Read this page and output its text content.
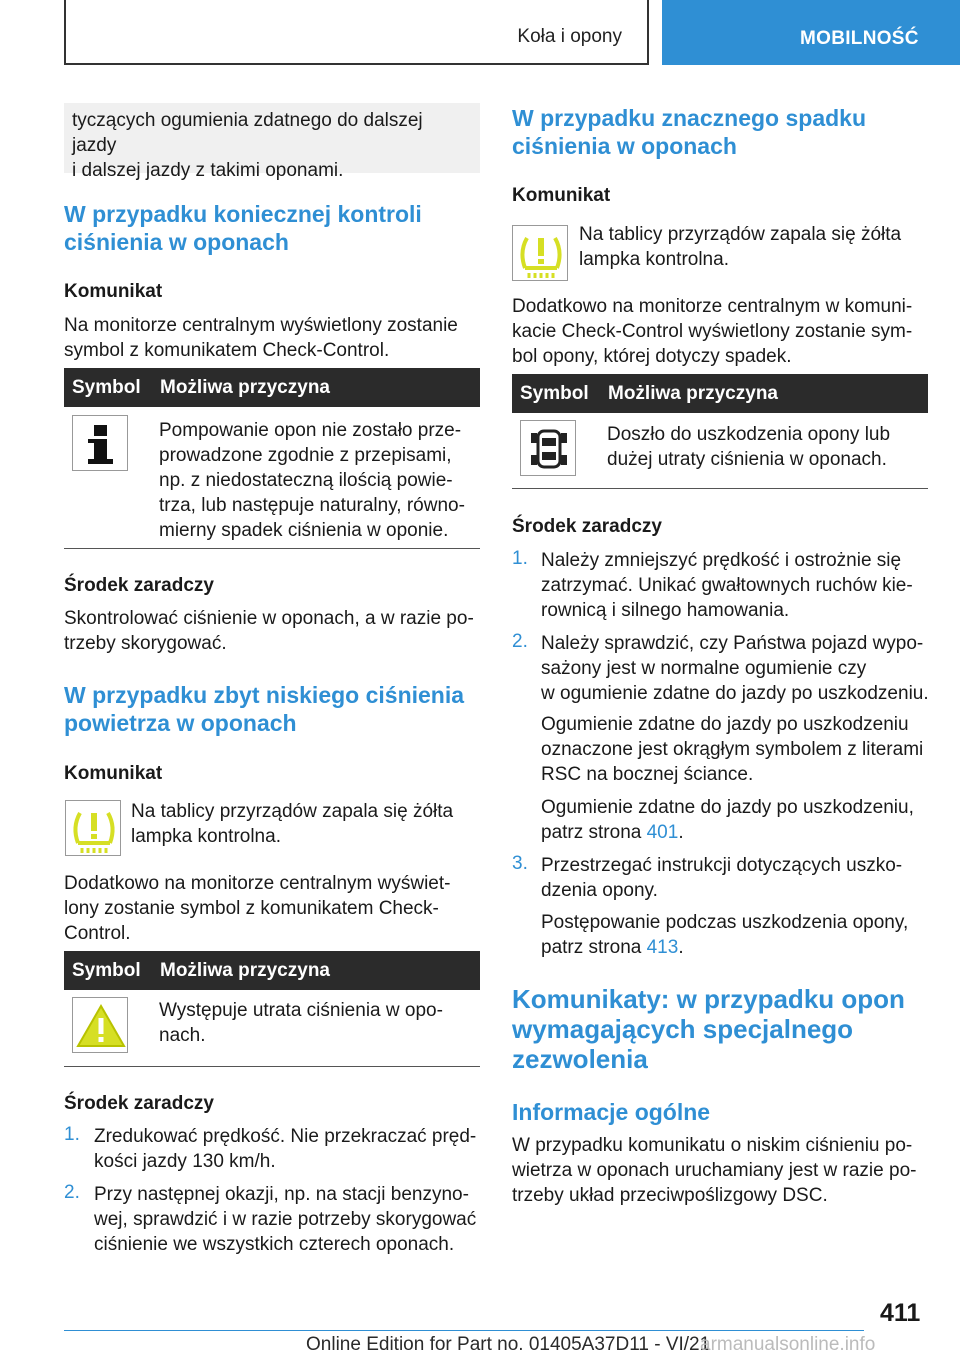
Koła i opony	MOBILNOŚĆ
tyczących ogumienia zdatnego do dalszej jazdy
i dalszej jazdy z takimi oponami.
W przypadku koniecznej kontroli
ciśnienia w oponach
Komunikat
Na monitorze centralnym wyświetlony zostanie
symbol z komunikatem Check-Control.
Symbol Możliwa przyczyna
Pompowanie opon nie zostało prze-
prowadzone zgodnie z przepisami,
np. z niedostateczną ilością powie-
trza, lub następuje naturalny, równo-
mierny spadek ciśnienia w oponie.
Środek zaradczy
Skontrolować ciśnienie w oponach, a w razie po-
trzeby skorygować.
W przypadku zbyt niskiego ciśnienia
powietrza w oponach
Komunikat
Na tablicy przyrządów zapala się żółta
lampka kontrolna.
Dodatkowo na monitorze centralnym wyświet-
lony zostanie symbol z komunikatem Check-
Control.
Symbol Możliwa przyczyna
Występuje utrata ciśnienia w opo-
nach.
Środek zaradczy
1. Zredukować prędkość. Nie przekraczać pręd-
kości jazdy 130 km/h.
2. Przy następnej okazji, np. na stacji benzyno-
wej, sprawdzić i w razie potrzeby skorygować
ciśnienie we wszystkich czterech oponach.
W przypadku znacznego spadku
ciśnienia w oponach
Komunikat
Na tablicy przyrządów zapala się żółta
lampka kontrolna.
Dodatkowo na monitorze centralnym w komuni-
kacie Check-Control wyświetlony zostanie sym-
bol opony, której dotyczy spadek.
Symbol Możliwa przyczyna
Doszło do uszkodzenia opony lub
dużej utraty ciśnienia w oponach.
Środek zaradczy
1. Należy zmniejszyć prędkość i ostrożnie się
zatrzymać. Unikać gwałtownych ruchów kie-
rownicą i silnego hamowania.
2. Należy sprawdzić, czy Państwa pojazd wypo-
sażony jest w normalne ogumienie czy
w ogumienie zdatne do jazdy po uszkodzeniu.
Ogumienie zdatne do jazdy po uszkodzeniu
oznaczone jest okrągłym symbolem z literami
RSC na bocznej ściance.
Ogumienie zdatne do jazdy po uszkodzeniu,
patrz strona 401.
3. Przestrzegać instrukcji dotyczących uszko-
dzenia opony.
Postępowanie podczas uszkodzenia opony,
patrz strona 413.
Komunikaty: w przypadku opon
wymagających specjalnego
zezwolenia
Informacje ogólne
W przypadku komunikatu o niskim ciśnieniu po-
wietrza w oponach uruchamiany jest w razie po-
trzeby układ przeciwpoślizgowy DSC.
411
Online Edition for Part no. 01405A37D11 - VI/21
armanualsonline.info
